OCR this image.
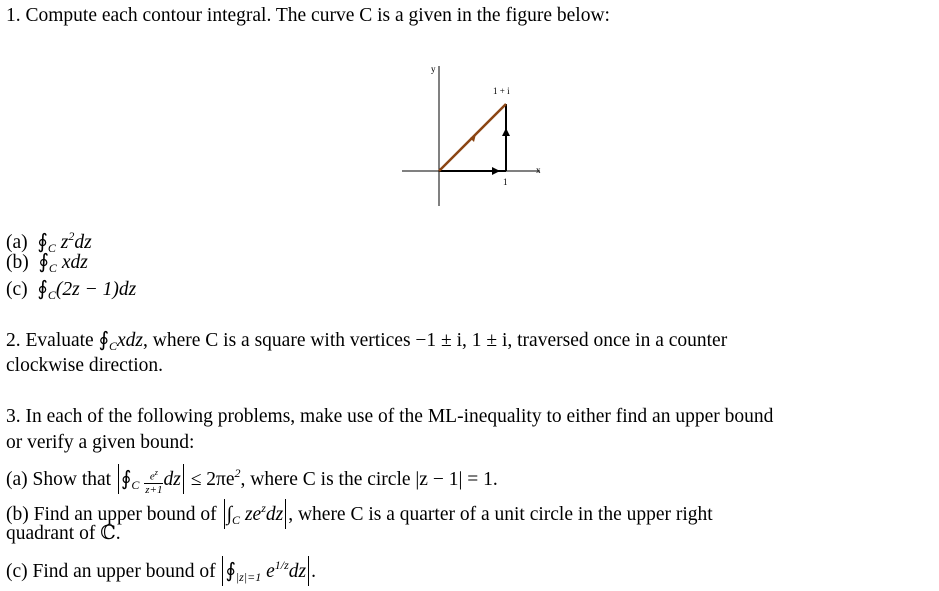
1. Compute each contour integral. The curve C is a given in the figure below:
y
x
1 + i
1
(a) $∮_C$ $z^2dz$
(b) $∮_C$ xdz
(c) $∮_C(2z - 1)dz$
2. Evaluate $∮_Cxdz$, where C is a square with vertices −1 ± i, 1 ± i, traversed once in a counter
clockwise direction.
3. In each of the following problems, make use of the ML-inequality to either find an upper bound
or verify a given bound:
(a) Show that $∮_C \frac{e^z}{z+1}$ dz ≤ $2\pi e^2$, where C is the circle |z − 1| = 1.
(b) Find an upper bound of $\int_C$ $ze^zdz$ , where C is a quarter of a unit circle in the upper right
quadrant of ℂ.
(c) Find an upper bound of $∮_{|z|=1}$ $e^{1/z}dz$ .
